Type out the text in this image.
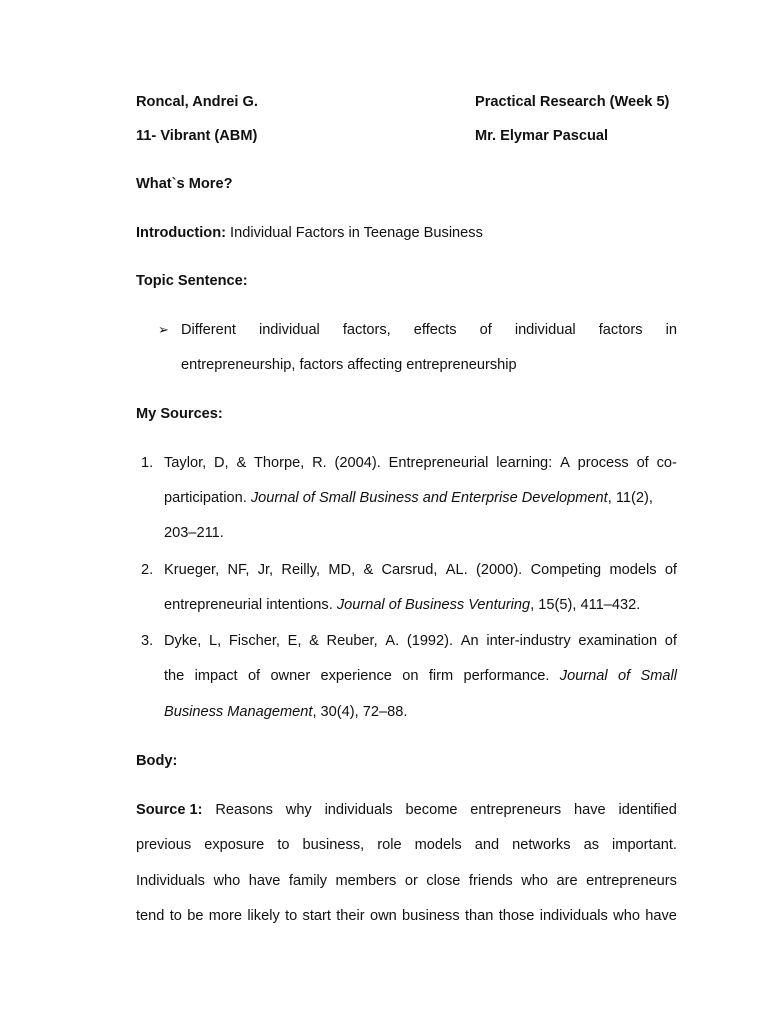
Roncal, Andrei G.	Practical Research (Week 5)
11- Vibrant (ABM)	Mr. Elymar Pascual
What`s More?
Introduction: Individual Factors in Teenage Business
Topic Sentence:
➢ Different individual factors, effects of individual factors in
entrepreneurship, factors affecting entrepreneurship
My Sources:
1. Taylor, D, & Thorpe, R. (2004). Entrepreneurial learning: A process of co-
participation. Journal of Small Business and Enterprise Development, 11(2),
203–211.
2. Krueger, NF, Jr, Reilly, MD, & Carsrud, AL. (2000). Competing models of
entrepreneurial intentions. Journal of Business Venturing, 15(5), 411–432.
3. Dyke, L, Fischer, E, & Reuber, A. (1992). An inter-industry examination of
the impact of owner experience on firm performance. Journal of Small
Business Management, 30(4), 72–88.
Body:
Source 1: Reasons why individuals become entrepreneurs have identified
previous exposure to business, role models and networks as important.
Individuals who have family members or close friends who are entrepreneurs
tend to be more likely to start their own business than those individuals who have
